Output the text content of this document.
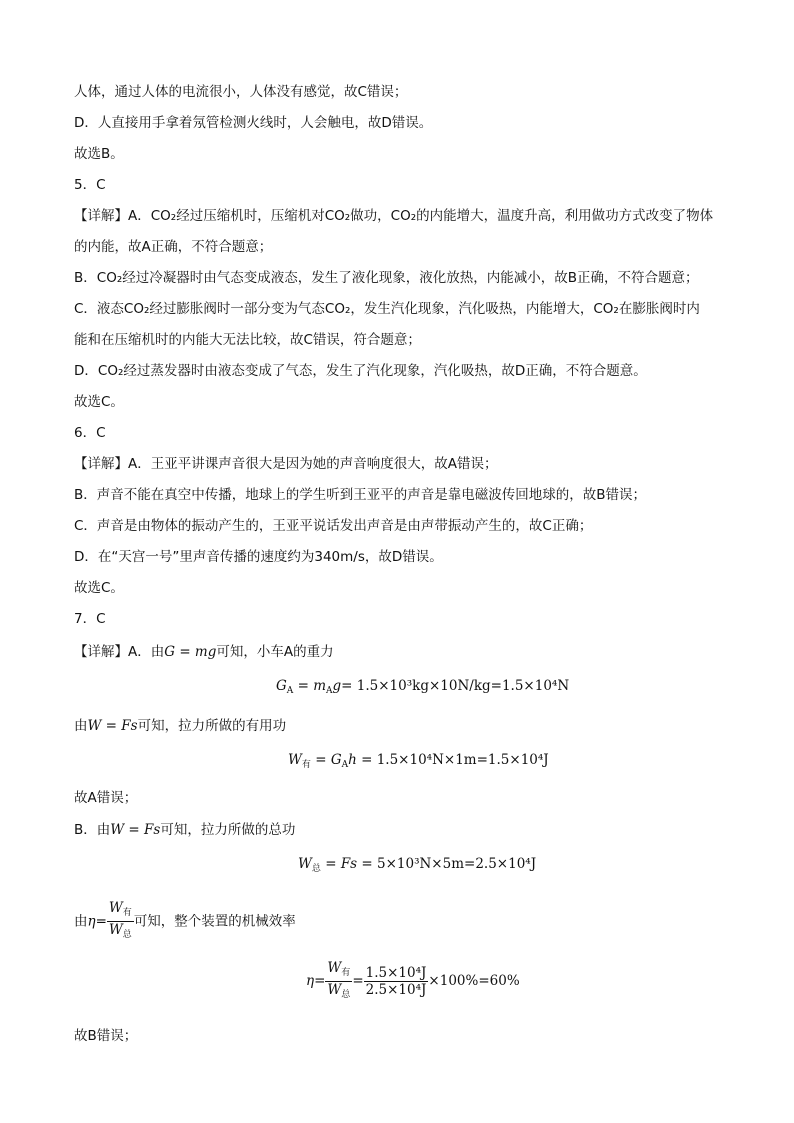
人体，通过人体的电流很小，人体没有感觉，故C错误；
D．人直接用手拿着氖管检测火线时，人会触电，故D错误。
故选B。
5．C
【详解】A．CO₂经过压缩机时，压缩机对CO₂做功，CO₂的内能增大，温度升高，利用做功方式改变了物体
的内能，故A正确，不符合题意；
B．CO₂经过冷凝器时由气态变成液态，发生了液化现象，液化放热，内能减小，故B正确，不符合题意；
C．液态CO₂经过膨胀阀时一部分变为气态CO₂，发生汽化现象，汽化吸热，内能增大，CO₂在膨胀阀时内
能和在压缩机时的内能大无法比较，故C错误，符合题意；
D．CO₂经过蒸发器时由液态变成了气态，发生了汽化现象，汽化吸热，故D正确，不符合题意。
故选C。
6．C
【详解】A．王亚平讲课声音很大是因为她的声音响度很大，故A错误；
B．声音不能在真空中传播，地球上的学生听到王亚平的声音是靠电磁波传回地球的，故B错误；
C．声音是由物体的振动产生的，王亚平说话发出声音是由声带振动产生的，故C正确；
D．在“天宫一号”里声音传播的速度约为340m/s，故D错误。
故选C。
7．C
【详解】A．由G = mg可知，小车A的重力
$G_A = m_Ag= 1.5\times 10^3kg\times 10N/kg=1.5\times 10^4N$
由W = Fs可知，拉力所做的有用功
$W_有 = G_Ah = 1.5\times 10^4N\times 1m=1.5\times 10^4J$
故A错误；
B．由W = Fs可知，拉力所做的总功
$W_总 = Fs = 5\times 10^3N\times 5m=2.5\times 10^4J$
由$\eta= \frac{W_有}{W_总}$ 可知，整个装置的机械效率
$\eta= \frac{W_有}{W_总} = \frac{\text{1.5×10⁴J}}{\text{2.5×10⁴J}} \times 100\%=60\%$
故B错误；
